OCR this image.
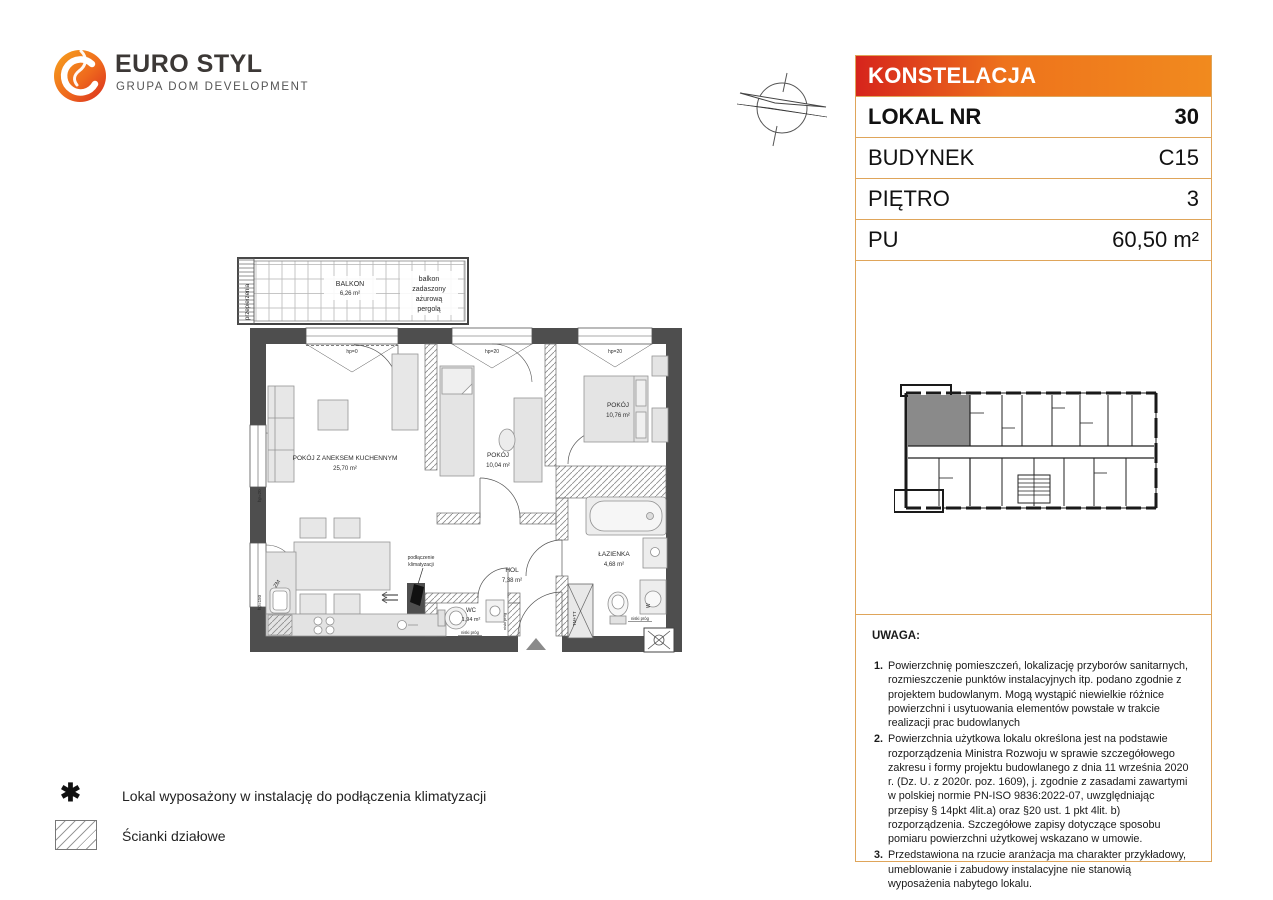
EURO STYL
GRUPA DOM DEVELOPMENT	KONSTELACJA
LOKAL NR	30
BUDYNEK	C15
PIĘTRO	3
PU	60,50 m²
UWAGA:
1. Powierzchnię pomieszczeń, lokalizację przyborów sanitarnych, rozmieszczenie punktów instalacyjnych itp. podano zgodnie z projektem budowlanym. Mogą wystąpić niewielkie różnice powierzchni i usytuowania elementów powstałe w trakcie realizacji prac budowlanych
2. Powierzchnia użytkowa lokalu określona jest na podstawie rozporządzenia Ministra Rozwoju w sprawie szczegółowego zakresu i formy projektu budowlanego z dnia 11 września 2020 r. (Dz. U. z 2020r. poz. 1609), j. zgodnie z zasadami zawartymi w polskiej normie PN-ISO 9836:2022-07, uwzględniając przepisy § 14pkt 4lit.a) oraz §20 ust. 1 pkt 4lit. b) rozporządzenia. Szczegółowe zapisy dotyczące sposobu pomiaru powierzchni użytkowej wskazano w umowie.
3. Przedstawiona na rzucie aranżacja ma charakter przykładowy, umeblowanie i zabudowy instalacyjne nie stanowią wyposażenia nabytego lokalu.
BALKON
6,26 m²
balkon
zadaszony
ażurową
pergolą
przepierzenia
ZM
POKÓJ Z ANEKSEM KUCHENNYM
25,70 m²
POKÓJ
10,04 m²
POKÓJ
10,76 m²
HOL
7,38 m²
ŁAZIENKA
4,68 m²
WC
1,94 m²
hp=0	hp=20	hp=20
hp=20
hp=150
TM+TT
podłączenie
klimatyzacji
niski próg
niski próg	niski próg
W
✱	Lokal wyposażony w instalację do podłączenia klimatyzacji
Ścianki działowe
